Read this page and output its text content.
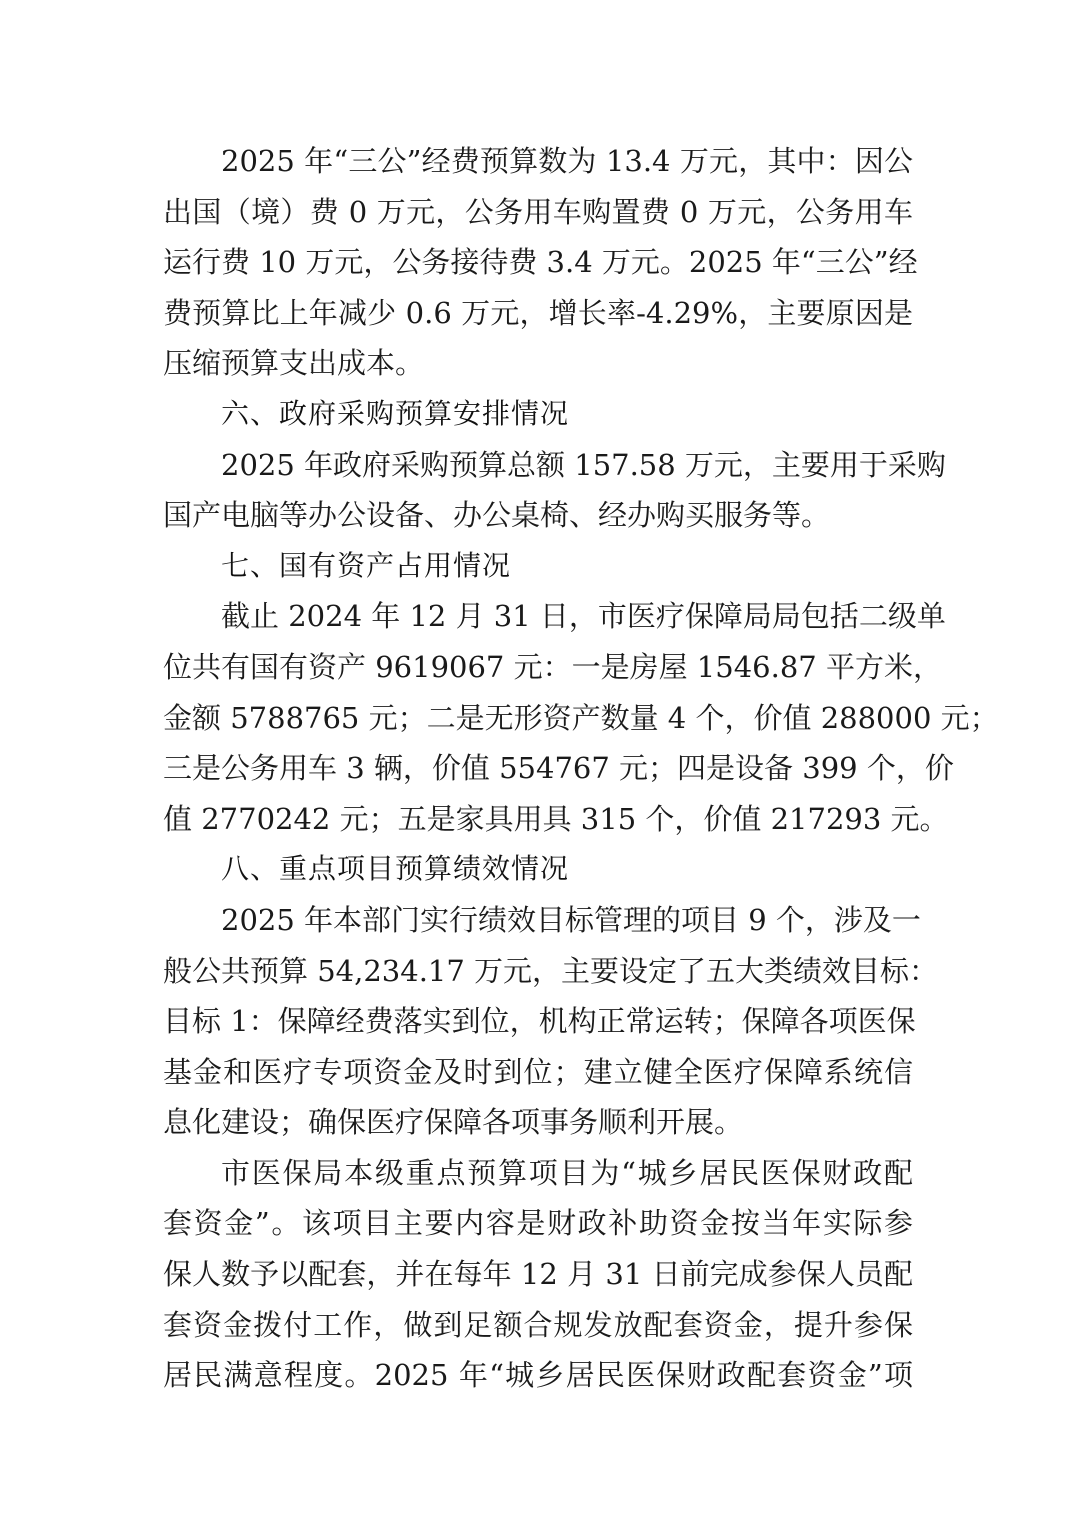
2025 年“三公”经费预算数为 13.4 万元，其中：因公
出国（境）费 0 万元，公务用车购置费 0 万元，公务用车
运行费 10 万元，公务接待费 3.4 万元。2025 年“三公”经
费预算比上年减少 0.6 万元，增长率-4.29%，主要原因是
压缩预算支出成本。
六、政府采购预算安排情况
2025 年政府采购预算总额 157.58 万元，主要用于采购
国产电脑等办公设备、办公桌椅、经办购买服务等。
七、国有资产占用情况
截止 2024 年 12 月 31 日，市医疗保障局局包括二级单
位共有国有资产 9619067 元：一是房屋 1546.87 平方米，
金额 5788765 元；二是无形资产数量 4 个，价值 288000 元；
三是公务用车 3 辆，价值 554767 元；四是设备 399 个，价
值 2770242 元；五是家具用具 315 个，价值 217293 元。
八、重点项目预算绩效情况
2025 年本部门实行绩效目标管理的项目 9 个，涉及一
般公共预算 54,234.17 万元，主要设定了五大类绩效目标：
目标 1：保障经费落实到位，机构正常运转；保障各项医保
基金和医疗专项资金及时到位；建立健全医疗保障系统信
息化建设；确保医疗保障各项事务顺利开展。
市医保局本级重点预算项目为“城乡居民医保财政配
套资金”。该项目主要内容是财政补助资金按当年实际参
保人数予以配套，并在每年 12 月 31 日前完成参保人员配
套资金拨付工作，做到足额合规发放配套资金，提升参保
居民满意程度。2025 年“城乡居民医保财政配套资金”项
